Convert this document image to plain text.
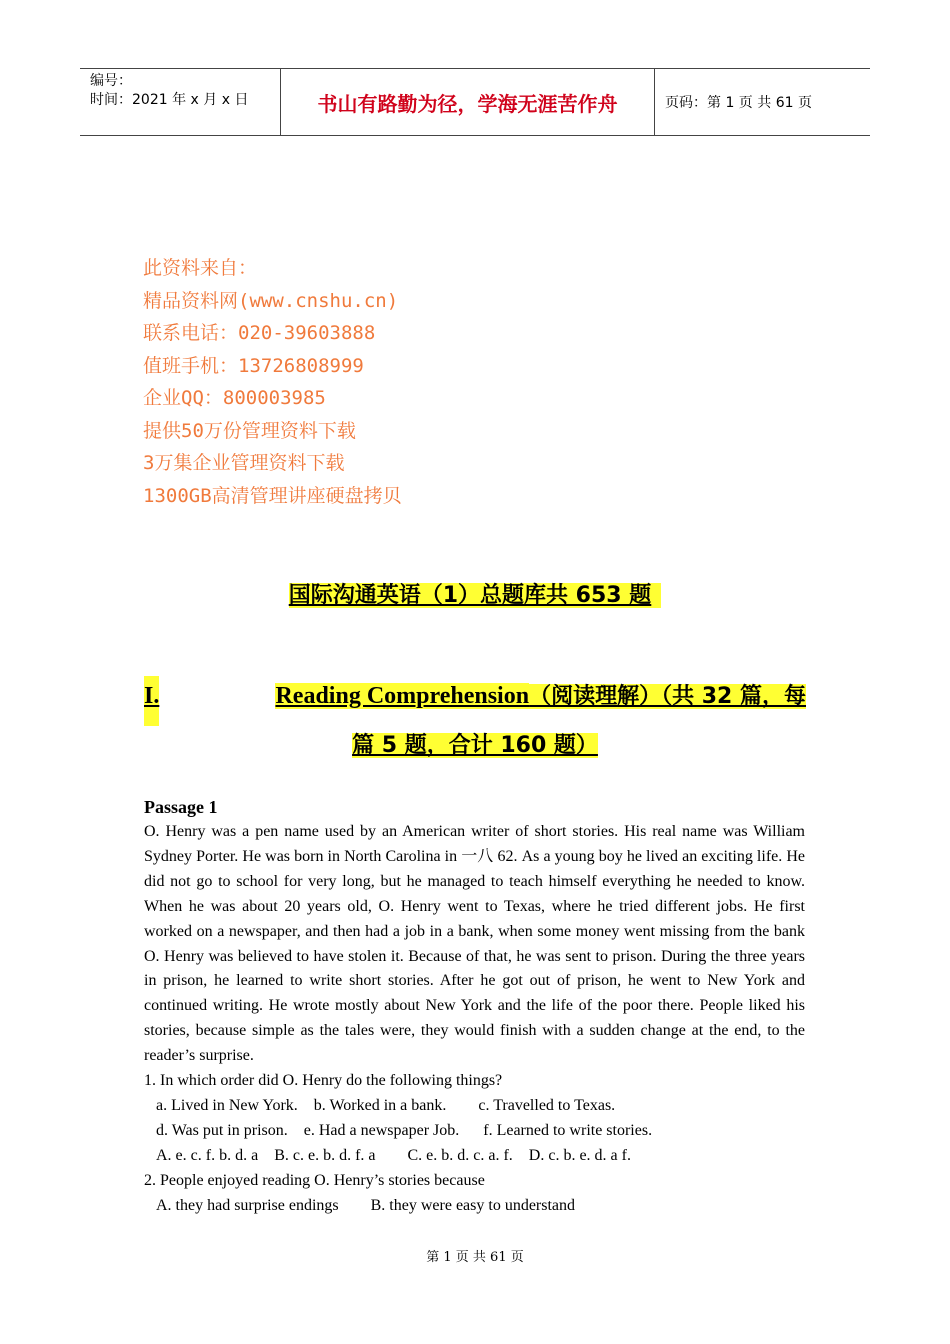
编号：
时间：2021 年 x 月 x 日	书山有路勤为径，学海无涯苦作舟	页码：第 1 页 共 61 页
此资料来自：
精品资料网(www.cnshu.cn)
联系电话：020-39603888
值班手机：13726808999
企业QQ：800003985
提供50万份管理资料下载
3万集企业管理资料下载
1300GB高清管理讲座硬盘拷贝
国际沟通英语（1）总题库共 653 题
I.	Reading Comprehension（阅读理解）（共 32 篇，每
篇 5 题，合计 160 题）
Passage 1
O. Henry was a pen name used by an American writer of short stories. His real name was William Sydney Porter. He was born in North Carolina in 一八 62. As a young boy he lived an exciting life. He did not go to school for very long, but he managed to teach himself everything he needed to know. When he was about 20 years old, O. Henry went to Texas, where he tried different jobs. He first worked on a newspaper, and then had a job in a bank, when some money went missing from the bank O. Henry was believed to have stolen it. Because of that, he was sent to prison. During the three years in prison, he learned to write short stories. After he got out of prison, he went to New York and continued writing. He wrote mostly about New York and the life of the poor there. People liked his stories, because simple as the tales were, they would finish with a sudden change at the end, to the reader’s surprise.
1. In which order did O. Henry do the following things?
a. Lived in New York.    b. Worked in a bank.        c. Travelled to Texas.
d. Was put in prison.    e. Had a newspaper Job.      f. Learned to write stories.
A. e. c. f. b. d. a    B. c. e. b. d. f. a        C. e. b. d. c. a. f.    D. c. b. e. d. a f.
2. People enjoyed reading O. Henry’s stories because
A. they had surprise endings        B. they were easy to understand
第 1 页 共 61 页
